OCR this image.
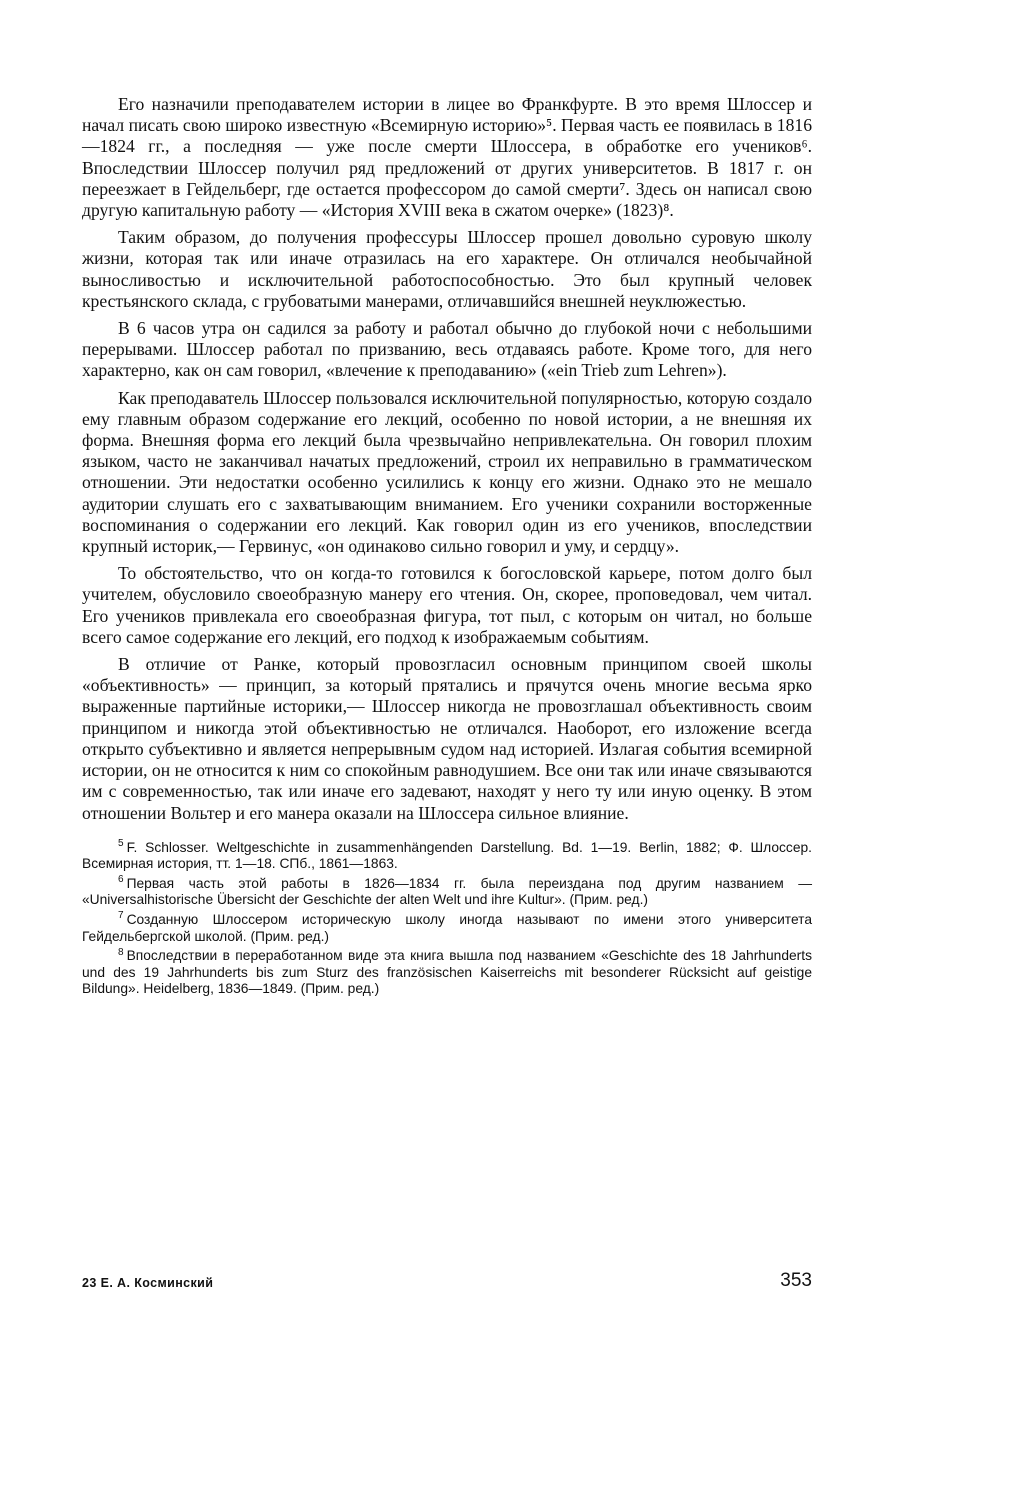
Его назначили преподавателем истории в лицее во Франкфурте. В это время Шлоссер и начал писать свою широко известную «Всемирную историю»⁵. Первая часть ее появилась в 1816—1824 гг., а последняя — уже после смерти Шлоссера, в обработке его учеников⁶. Впоследствии Шлоссер получил ряд предложений от других университетов. В 1817 г. он переезжает в Гейдельберг, где остается профессором до самой смерти⁷. Здесь он написал свою другую капитальную работу — «История XVIII века в сжатом очерке» (1823)⁸.

Таким образом, до получения профессуры Шлоссер прошел довольно суровую школу жизни, которая так или иначе отразилась на его характере. Он отличался необычайной выносливостью и исключительной работоспособностью. Это был крупный человек крестьянского склада, с грубоватыми манерами, отличавшийся внешней неуклюжестью.

В 6 часов утра он садился за работу и работал обычно до глубокой ночи с небольшими перерывами. Шлоссер работал по призванию, весь отдаваясь работе. Кроме того, для него характерно, как он сам говорил, «влечение к преподаванию» («ein Trieb zum Lehren»).

Как преподаватель Шлоссер пользовался исключительной популярностью, которую создало ему главным образом содержание его лекций, особенно по новой истории, а не внешняя их форма. Внешняя форма его лекций была чрезвычайно непривлекательна. Он говорил плохим языком, часто не заканчивал начатых предложений, строил их неправильно в грамматическом отношении. Эти недостатки особенно усилились к концу его жизни. Однако это не мешало аудитории слушать его с захватывающим вниманием. Его ученики сохранили восторженные воспоминания о содержании его лекций. Как говорил один из его учеников, впоследствии крупный историк,— Гервинус, «он одинаково сильно говорил и уму, и сердцу».

То обстоятельство, что он когда-то готовился к богословской карьере, потом долго был учителем, обусловило своеобразную манеру его чтения. Он, скорее, проповедовал, чем читал. Его учеников привлекала его своеобразная фигура, тот пыл, с которым он читал, но больше всего самое содержание его лекций, его подход к изображаемым событиям.

В отличие от Ранке, который провозгласил основным принципом своей школы «объективность» — принцип, за который прятались и прячутся очень многие весьма ярко выраженные партийные историки,— Шлоссер никогда не провозглашал объективность своим принципом и никогда этой объективностью не отличался. Наоборот, его изложение всегда открыто субъективно и является непрерывным судом над историей. Излагая события всемирной истории, он не относится к ним со спокойным равнодушием. Все они так или иначе связываются им с современностью, так или иначе его задевают, находят у него ту или иную оценку. В этом отношении Вольтер и его манера оказали на Шлоссера сильное влияние.

$^5$ F. Schlosser. Weltgeschichte in zusammenhängenden Darstellung. Bd. 1—19. Berlin, 1882; Ф. Шлоссер. Всемирная история, тт. 1—18. СПб., 1861—1863.

$^6$ Первая часть этой работы в 1826—1834 гг. была переиздана под другим названием — «Universalhistorische Übersicht der Geschichte der alten Welt und ihre Kultur». (Прим. ред.)

$^7$ Созданную Шлоссером историческую школу иногда называют по имени этого университета Гейдельбергской школой. (Прим. ред.)

$^8$ Впоследствии в переработанном виде эта книга вышла под названием «Geschichte des 18 Jahrhunderts und des 19 Jahrhunderts bis zum Sturz des französischen Kaiserreichs mit besonderer Rücksicht auf geistige Bildung». Heidelberg, 1836—1849. (Прим. ред.)

23 Е. А. Косминский	353
